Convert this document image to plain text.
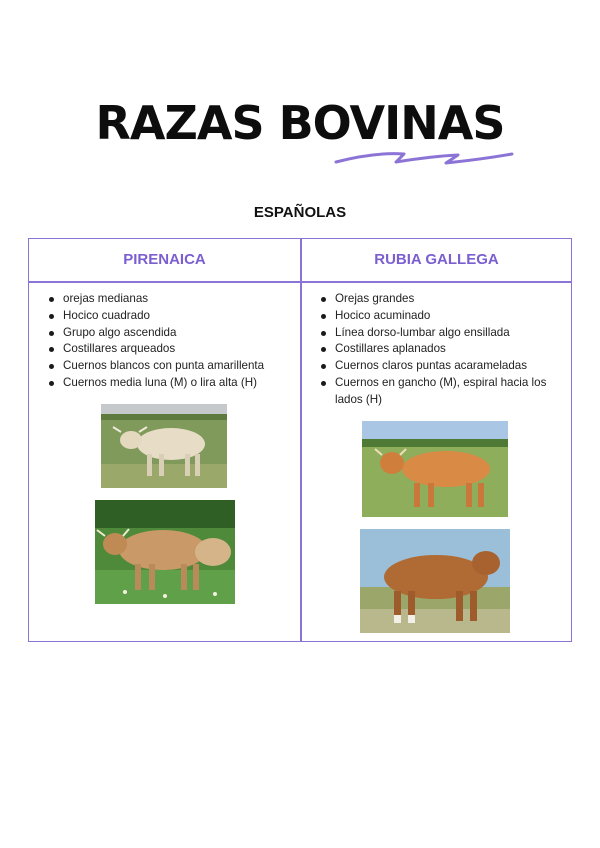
RAZAS BOVINAS
ESPAÑOLAS
PIRENAICA	RUBIA GALLEGA
orejas medianas
Hocico cuadrado
Grupo algo ascendida
Costillares arqueados
Cuernos blancos con punta amarillenta
Cuernos media luna (M) o lira alta (H)
Orejas grandes
Hocico acuminado
Línea dorso-lumbar algo ensillada
Costillares aplanados
Cuernos claros puntas acarameladas
Cuernos en gancho (M), espiral hacia los lados (H)
